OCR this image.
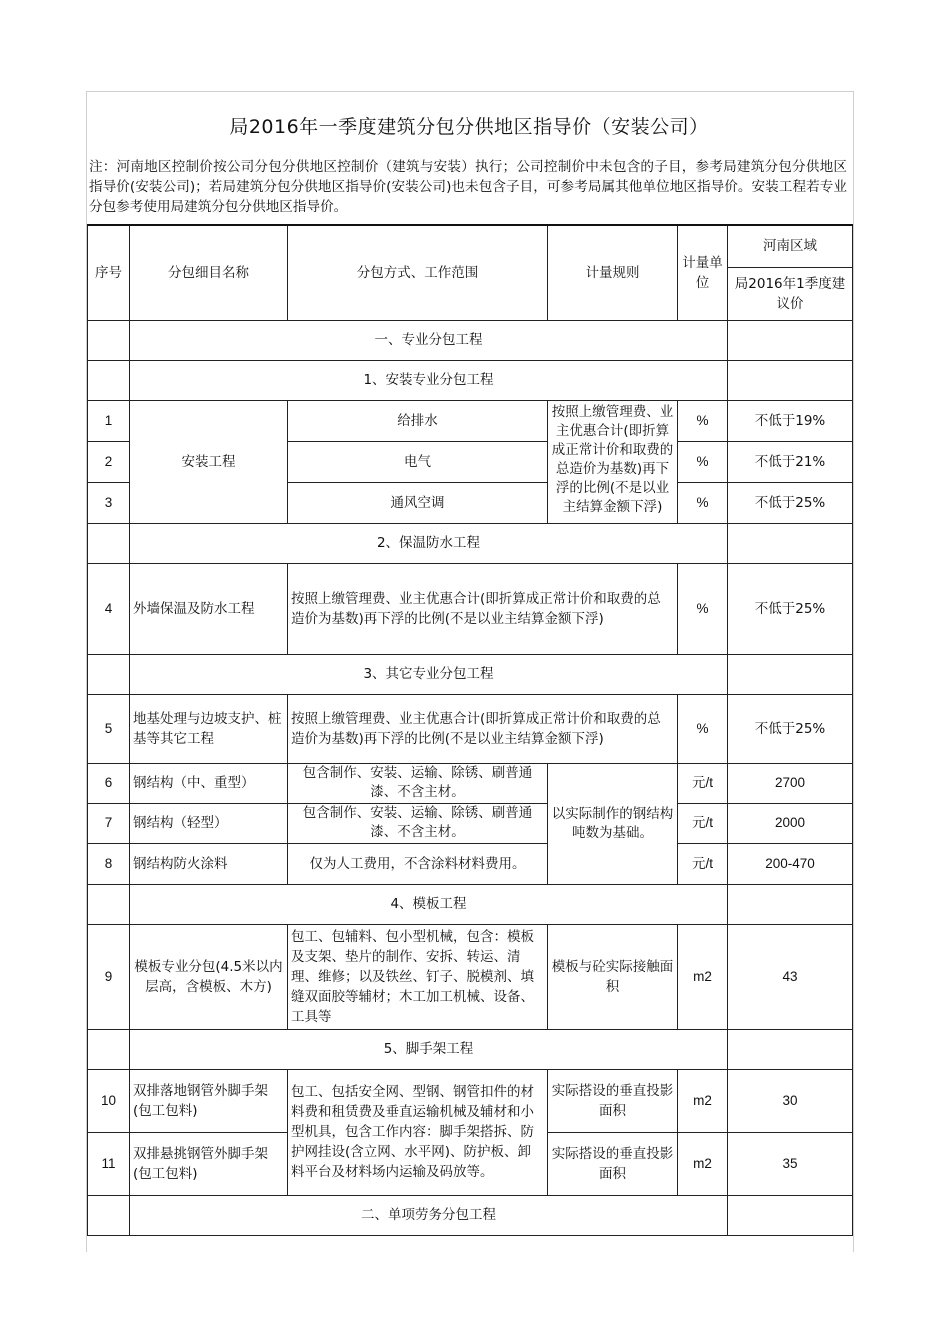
局2016年一季度建筑分包分供地区指导价（安装公司）
注：河南地区控制价按公司分包分供地区控制价（建筑与安装）执行；公司控制价中未包含的子目，参考局建筑分包分供地区指导价(安装公司)；若局建筑分包分供地区指导价(安装公司)也未包含子目，可参考局属其他单位地区指导价。安装工程若专业分包参考使用局建筑分包分供地区指导价。
序号	分包细目名称	分包方式、工作范围	计量规则	计量单位	河南区域
					局2016年1季度建议价
	一、专业分包工程				
	1、安装专业分包工程				
1	安装工程	给排水	按照上缴管理费、业主优惠合计(即折算成正常计价和取费的总造价为基数)再下浮的比例(不是以业主结算金额下浮)	%	不低于19%
2		电气		%	不低于21%
3		通风空调		%	不低于25%
	2、保温防水工程				
4	外墙保温及防水工程	按照上缴管理费、业主优惠合计(即折算成正常计价和取费的总造价为基数)再下浮的比例(不是以业主结算金额下浮)		%	不低于25%
	3、其它专业分包工程				
5	地基处理与边坡支护、桩基等其它工程	按照上缴管理费、业主优惠合计(即折算成正常计价和取费的总造价为基数)再下浮的比例(不是以业主结算金额下浮)		%	不低于25%
6	钢结构（中、重型）	包含制作、安装、运输、除锈、刷普通漆、不含主材。	以实际制作的钢结构吨数为基础。	元/t	2700
7	钢结构（轻型）	包含制作、安装、运输、除锈、刷普通漆、不含主材。		元/t	2000
8	钢结构防火涂料	仅为人工费用，不含涂料材料费用。		元/t	200-470
	4、模板工程				
9	模板专业分包(4.5米以内层高，含模板、木方)	包工、包辅料、包小型机械，包含：模板及支架、垫片的制作、安拆、转运、清理、维修；以及铁丝、钉子、脱模剂、填缝双面胶等辅材；木工加工机械、设备、工具等	模板与砼实际接触面积	m2	43
	5、脚手架工程				
10	双排落地钢管外脚手架(包工包料)	包工、包括安全网、型钢、钢管扣件的材料费和租赁费及垂直运输机械及辅材和小型机具，包含工作内容：脚手架搭拆、防护网挂设(含立网、水平网)、防护板、卸料平台及材料场内运输及码放等。	实际搭设的垂直投影面积	m2	30
11	双排悬挑钢管外脚手架(包工包料)		实际搭设的垂直投影面积	m2	35
	二、单项劳务分包工程				
